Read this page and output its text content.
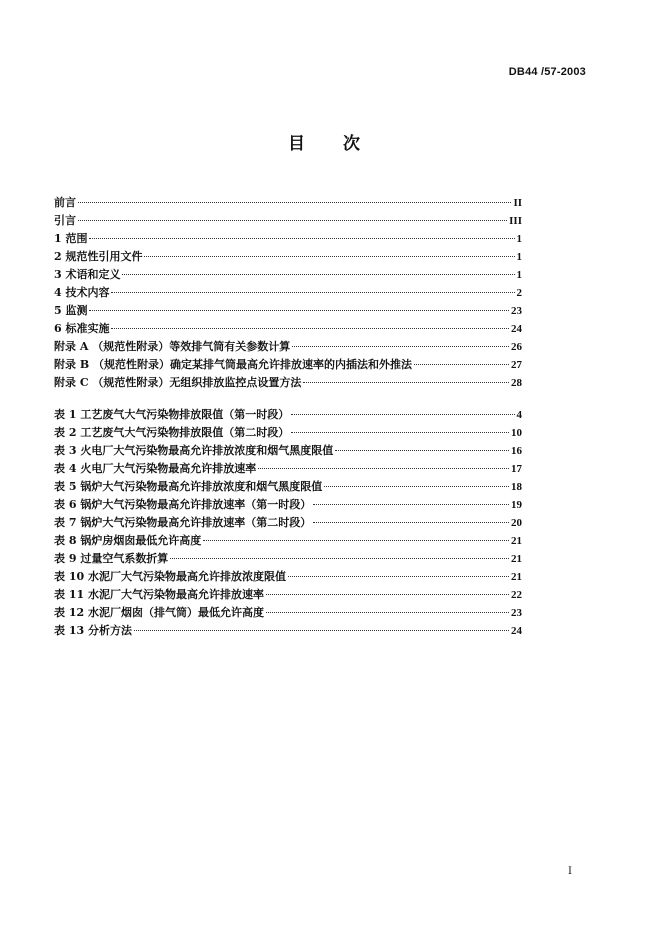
DB44 /57-2003
目 次
前言	II
引言	III
1 范围	1
2 规范性引用文件	1
3 术语和定义	1
4 技术内容	2
5 监测	23
6 标准实施	24
附录 A （规范性附录）等效排气筒有关参数计算	26
附录 B （规范性附录）确定某排气筒最高允许排放速率的内插法和外推法	27
附录 C （规范性附录）无组织排放监控点设置方法	28
表 1 工艺废气大气污染物排放限值（第一时段）	4
表 2 工艺废气大气污染物排放限值（第二时段）	10
表 3 火电厂大气污染物最高允许排放浓度和烟气黑度限值	16
表 4 火电厂大气污染物最高允许排放速率	17
表 5 锅炉大气污染物最高允许排放浓度和烟气黑度限值	18
表 6 锅炉大气污染物最高允许排放速率（第一时段）	19
表 7 锅炉大气污染物最高允许排放速率（第二时段）	20
表 8 锅炉房烟囱最低允许高度	21
表 9 过量空气系数折算	21
表 10 水泥厂大气污染物最高允许排放浓度限值	21
表 11 水泥厂大气污染物最高允许排放速率	22
表 12 水泥厂烟囱（排气筒）最低允许高度	23
表 13 分析方法	24
I
